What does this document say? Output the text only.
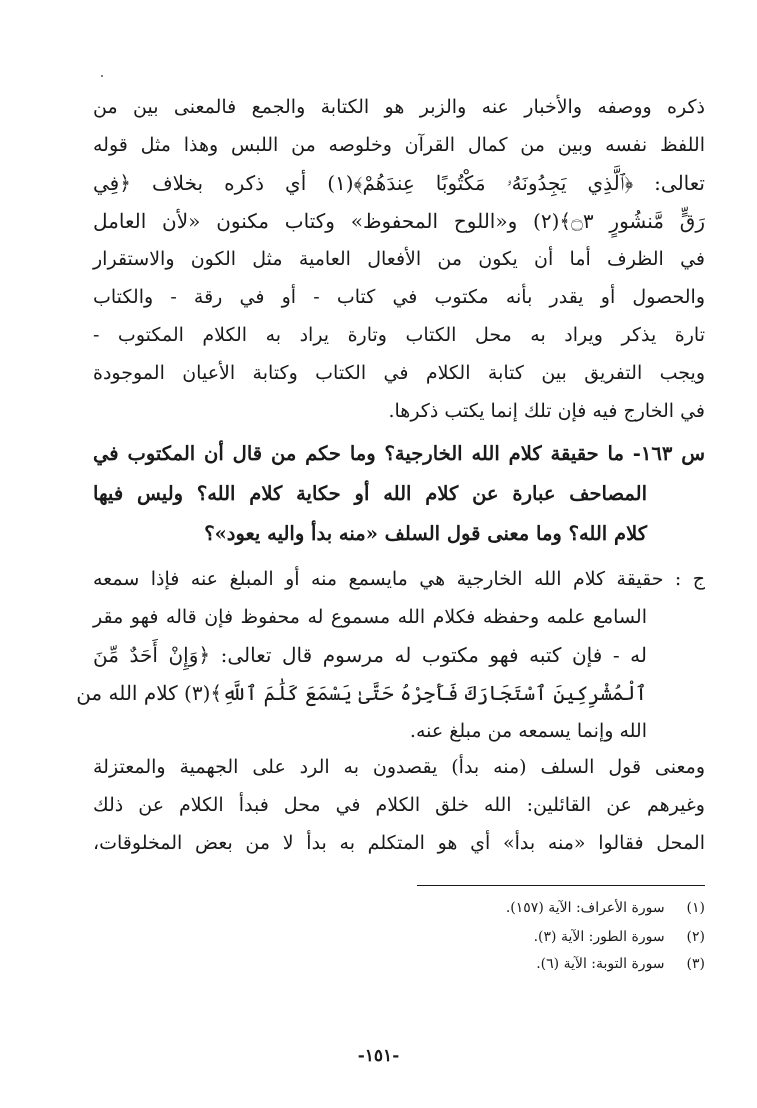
ذكره ووصفه والأخبار عنه والزبر هو الكتابة والجمع فالمعنى بين من
اللفظ نفسه وبين من كمال القرآن وخلوصه من اللبس وهذا مثل قوله
تعالى: ﴿ٱلَّذِي يَجِدُونَهُۥ مَكْتُوبًا عِندَهُمْ﴾(١) أي ذكره بخلاف ﴿فِي
رَقٍّ مَّنشُورٍ ۝٣﴾(٢) و«اللوح المحفوظ» وكتاب مكنون «لأن العامل
في الظرف أما أن يكون من الأفعال العامية مثل الكون والاستقرار
والحصول أو يقدر بأنه مكتوب في كتاب - أو في رقة - والكتاب
تارة يذكر ويراد به محل الكتاب وتارة يراد به الكلام المكتوب -
ويجب التفريق بين كتابة الكلام في الكتاب وكتابة الأعيان الموجودة
في الخارج فيه فإن تلك إنما يكتب ذكرها.
س ١٦٣- ما حقيقة كلام الله الخارجية؟ وما حكم من قال أن المكتوب في
المصاحف عبارة عن كلام الله أو حكاية كلام الله؟ وليس فيها
كلام الله؟ وما معنى قول السلف «منه بدأ واليه يعود»؟
ج : حقيقة كلام الله الخارجية هي مايسمع منه أو المبلغ عنه فإذا سمعه
السامع علمه وحفظه فكلام الله مسموع له محفوظ فإن قاله فهو مقر
له - فإن كتبه فهو مكتوب له مرسوم قال تعالى: ﴿وَإِنْ أَحَدٌ مِّنَ
ٱلْمُشْرِكِينَ ٱسْتَجَارَكَ فَأَجِرْهُ حَتَّىٰ يَسْمَعَ كَلَٰمَ ٱللَّهِ﴾(٣) كلام الله من
الله وإنما يسمعه من مبلغ عنه.
ومعنى قول السلف (منه بدأ) يقصدون به الرد على الجهمية والمعتزلة
وغيرهم عن القائلين: الله خلق الكلام في محل فبدأ الكلام عن ذلك
المحل فقالوا «منه بدأ» أي هو المتكلم به بدأ لا من بعض المخلوقات،
(١) سورة الأعراف: الآية (١٥٧).
(٢) سورة الطور: الآية (٣).
(٣) سورة التوبة: الآية (٦).
-١٥١-
